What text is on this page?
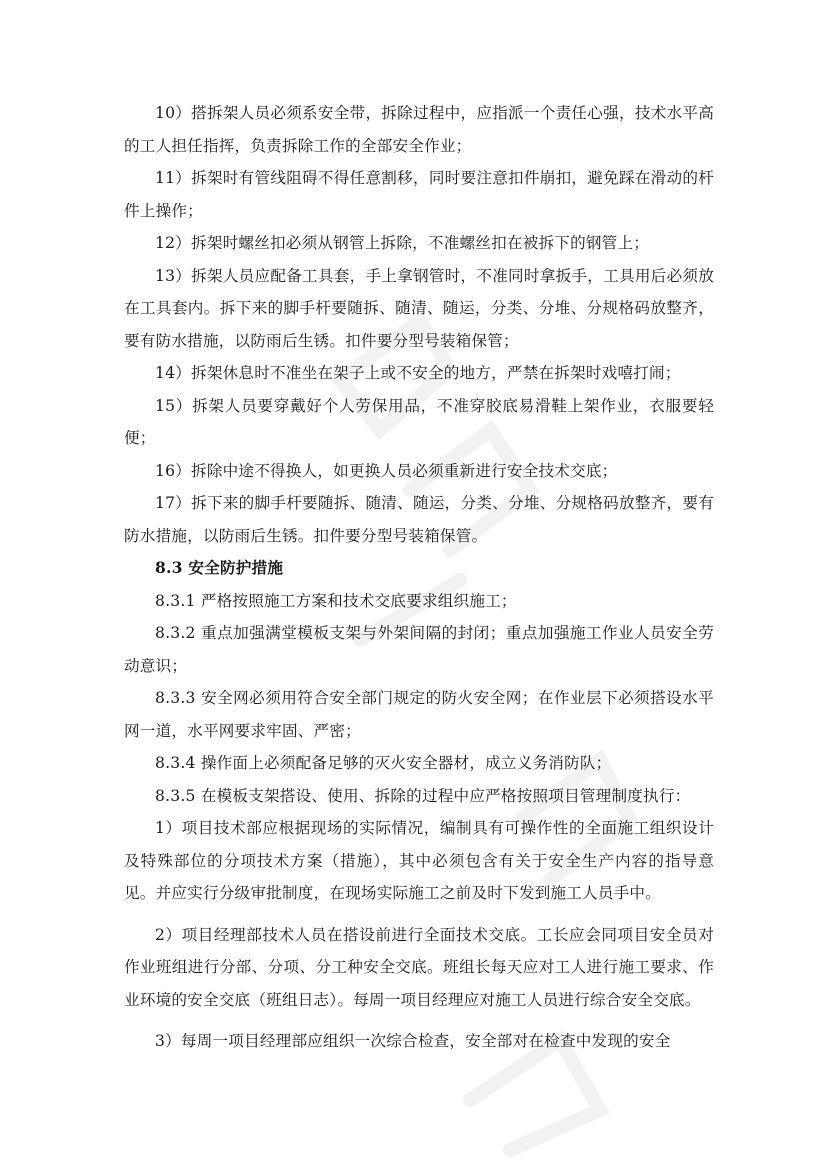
10）搭拆架人员必须系安全带，拆除过程中，应指派一个责任心强，技术水平高的工人担任指挥，负责拆除工作的全部安全作业；

11）拆架时有管线阻碍不得任意割移，同时要注意扣件崩扣，避免踩在滑动的杆件上操作；

12）拆架时螺丝扣必须从钢管上拆除，不准螺丝扣在被拆下的钢管上；

13）拆架人员应配备工具套，手上拿钢管时，不准同时拿扳手，工具用后必须放在工具套内。拆下来的脚手杆要随拆、随清、随运，分类、分堆、分规格码放整齐，要有防水措施，以防雨后生锈。扣件要分型号装箱保管；

14）拆架休息时不准坐在架子上或不安全的地方，严禁在拆架时戏嘻打闹；

15）拆架人员要穿戴好个人劳保用品，不准穿胶底易滑鞋上架作业，衣服要轻便；

16）拆除中途不得换人，如更换人员必须重新进行安全技术交底；

17）拆下来的脚手杆要随拆、随清、随运，分类、分堆、分规格码放整齐，要有防水措施，以防雨后生锈。扣件要分型号装箱保管。

8.3 安全防护措施

8.3.1 严格按照施工方案和技术交底要求组织施工；

8.3.2 重点加强满堂模板支架与外架间隔的封闭；重点加强施工作业人员安全劳动意识；

8.3.3 安全网必须用符合安全部门规定的防火安全网；在作业层下必须搭设水平网一道，水平网要求牢固、严密；

8.3.4 操作面上必须配备足够的灭火安全器材，成立义务消防队；

8.3.5 在模板支架搭设、使用、拆除的过程中应严格按照项目管理制度执行：

1）项目技术部应根据现场的实际情况，编制具有可操作性的全面施工组织设计及特殊部位的分项技术方案（措施），其中必须包含有关于安全生产内容的指导意见。并应实行分级审批制度，在现场实际施工之前及时下发到施工人员手中。

2）项目经理部技术人员在搭设前进行全面技术交底。工长应会同项目安全员对作业班组进行分部、分项、分工种安全交底。班组长每天应对工人进行施工要求、作业环境的安全交底（班组日志）。每周一项目经理应对施工人员进行综合安全交底。

3）每周一项目经理部应组织一次综合检查，安全部对在检查中发现的安全
